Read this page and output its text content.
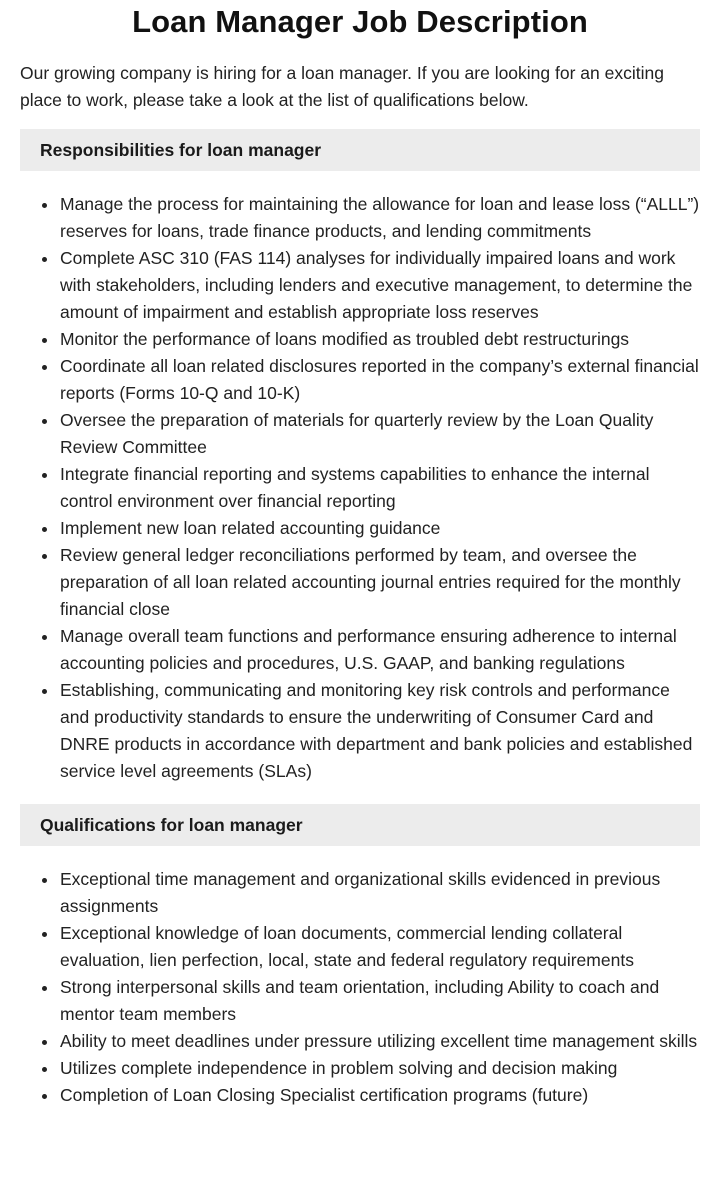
Loan Manager Job Description

Our growing company is hiring for a loan manager. If you are looking for an exciting place to work, please take a look at the list of qualifications below.

Responsibilities for loan manager
Manage the process for maintaining the allowance for loan and lease loss (“ALLL”) reserves for loans, trade finance products, and lending commitments
Complete ASC 310 (FAS 114) analyses for individually impaired loans and work with stakeholders, including lenders and executive management, to determine the amount of impairment and establish appropriate loss reserves
Monitor the performance of loans modified as troubled debt restructurings
Coordinate all loan related disclosures reported in the company’s external financial reports (Forms 10-Q and 10-K)
Oversee the preparation of materials for quarterly review by the Loan Quality Review Committee
Integrate financial reporting and systems capabilities to enhance the internal control environment over financial reporting
Implement new loan related accounting guidance
Review general ledger reconciliations performed by team, and oversee the preparation of all loan related accounting journal entries required for the monthly financial close
Manage overall team functions and performance ensuring adherence to internal accounting policies and procedures, U.S. GAAP, and banking regulations
Establishing, communicating and monitoring key risk controls and performance and productivity standards to ensure the underwriting of Consumer Card and DNRE products in accordance with department and bank policies and established service level agreements (SLAs)
Qualifications for loan manager
Exceptional time management and organizational skills evidenced in previous assignments
Exceptional knowledge of loan documents, commercial lending collateral evaluation, lien perfection, local, state and federal regulatory requirements
Strong interpersonal skills and team orientation, including Ability to coach and mentor team members
Ability to meet deadlines under pressure utilizing excellent time management skills
Utilizes complete independence in problem solving and decision making
Completion of Loan Closing Specialist certification programs (future)
